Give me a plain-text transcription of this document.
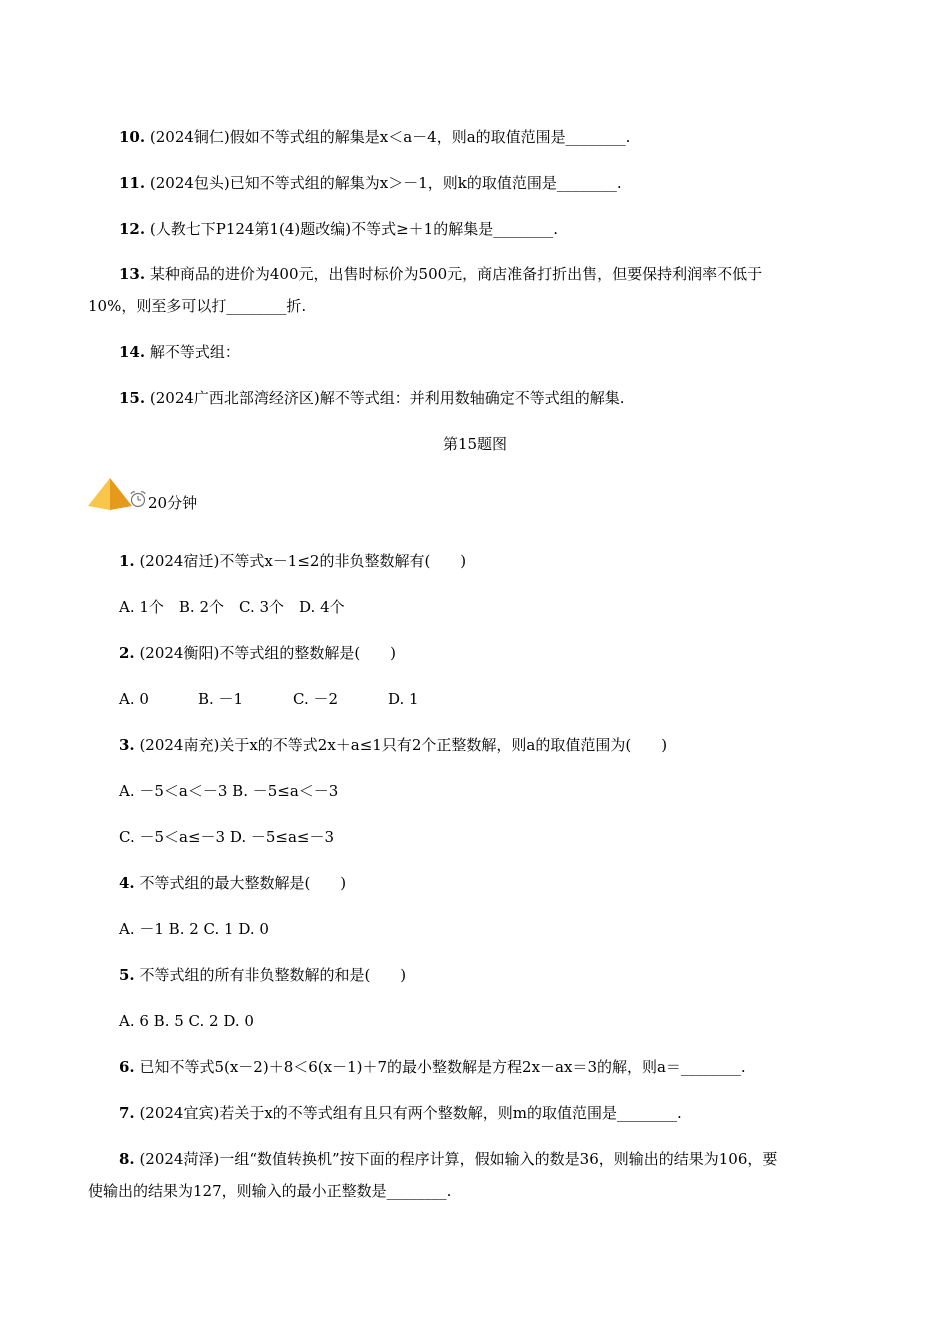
10. (2024铜仁)假如不等式组的解集是x＜a－4，则a的取值范围是________.
11. (2024包头)已知不等式组的解集为x＞－1，则k的取值范围是________.
12. (人教七下P124第1(4)题改编)不等式≥＋1的解集是________.
13. 某种商品的进价为400元，出售时标价为500元，商店准备打折出售，但要保持利润率不低于
10%，则至多可以打________折.
14. 解不等式组：
15. (2024广西北部湾经济区)解不等式组：并利用数轴确定不等式组的解集.
第15题图
20分钟
1. (2024宿迁)不等式x－1≤2的非负整数解有(　　)
A. 1个　B. 2个　C. 3个　D. 4个
2. (2024衡阳)不等式组的整数解是(　　)
A. 0	B. －1	C. －2	D. 1
3. (2024南充)关于x的不等式2x＋a≤1只有2个正整数解，则a的取值范围为(　　)
A. －5＜a＜－3 B. －5≤a＜－3
C. －5＜a≤－3 D. －5≤a≤－3
4. 不等式组的最大整数解是(　　)
A. －1 B. 2 C. 1 D. 0
5. 不等式组的所有非负整数解的和是(　　)
A. 6 B. 5 C. 2 D. 0
6. 已知不等式5(x－2)＋8＜6(x－1)＋7的最小整数解是方程2x－ax＝3的解，则a＝________.
7. (2024宜宾)若关于x的不等式组有且只有两个整数解，则m的取值范围是________.
8. (2024菏泽)一组“数值转换机”按下面的程序计算，假如输入的数是36，则输出的结果为106，要
使输出的结果为127，则输入的最小正整数是________.
